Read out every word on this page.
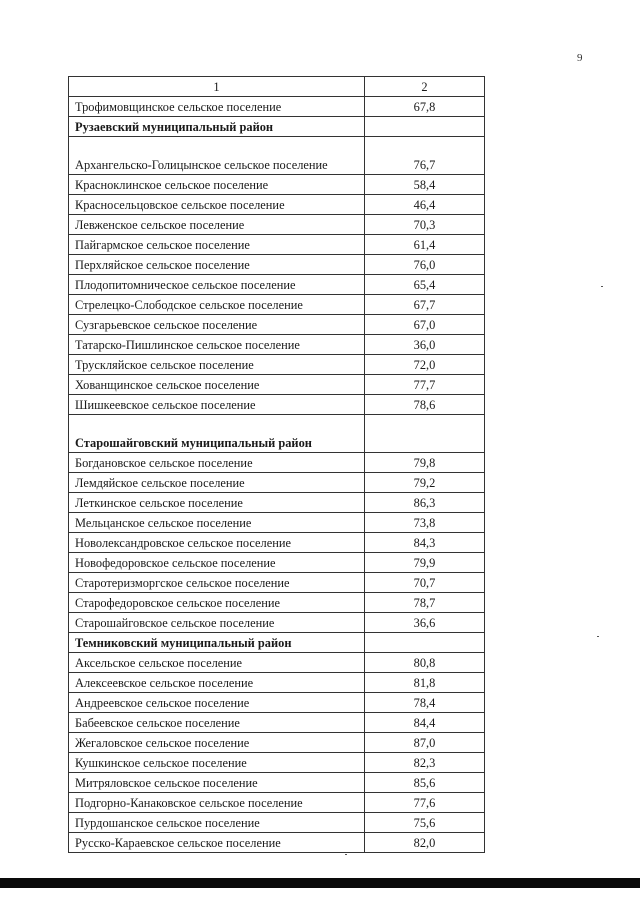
9
1	2
Трофимовщинское сельское поселение	67,8
Рузаевский муниципальный район	
Архангельско-Голицынское сельское поселение	76,7
Красноклинское сельское поселение	58,4
Красносельцовское сельское поселение	46,4
Левженское сельское поселение	70,3
Пайгармское сельское поселение	61,4
Перхляйское сельское поселение	76,0
Плодопитомническое сельское поселение	65,4
Стрелецко-Слободское сельское поселение	67,7
Сузгарьевское сельское поселение	67,0
Татарско-Пишлинское сельское поселение	36,0
Трускляйское сельское поселение	72,0
Хованщинское сельское поселение	77,7
Шишкеевское сельское поселение	78,6
Старошайговский муниципальный район	
Богдановское сельское поселение	79,8
Лемдяйское сельское поселение	79,2
Леткинское сельское поселение	86,3
Мельцанское сельское поселение	73,8
Новолександровское сельское поселение	84,3
Новофедоровское сельское поселение	79,9
Старотеризморгское сельское поселение	70,7
Старофедоровское сельское поселение	78,7
Старошайговское сельское поселение	36,6
Темниковский муниципальный район	
Аксельское сельское поселение	80,8
Алексеевское сельское поселение	81,8
Андреевское сельское поселение	78,4
Бабеевское сельское поселение	84,4
Жегаловское сельское поселение	87,0
Кушкинское сельское поселение	82,3
Митряловское сельское поселение	85,6
Подгорно-Канаковское сельское поселение	77,6
Пурдошанское сельское поселение	75,6
Русско-Караевское сельское поселение	82,0
